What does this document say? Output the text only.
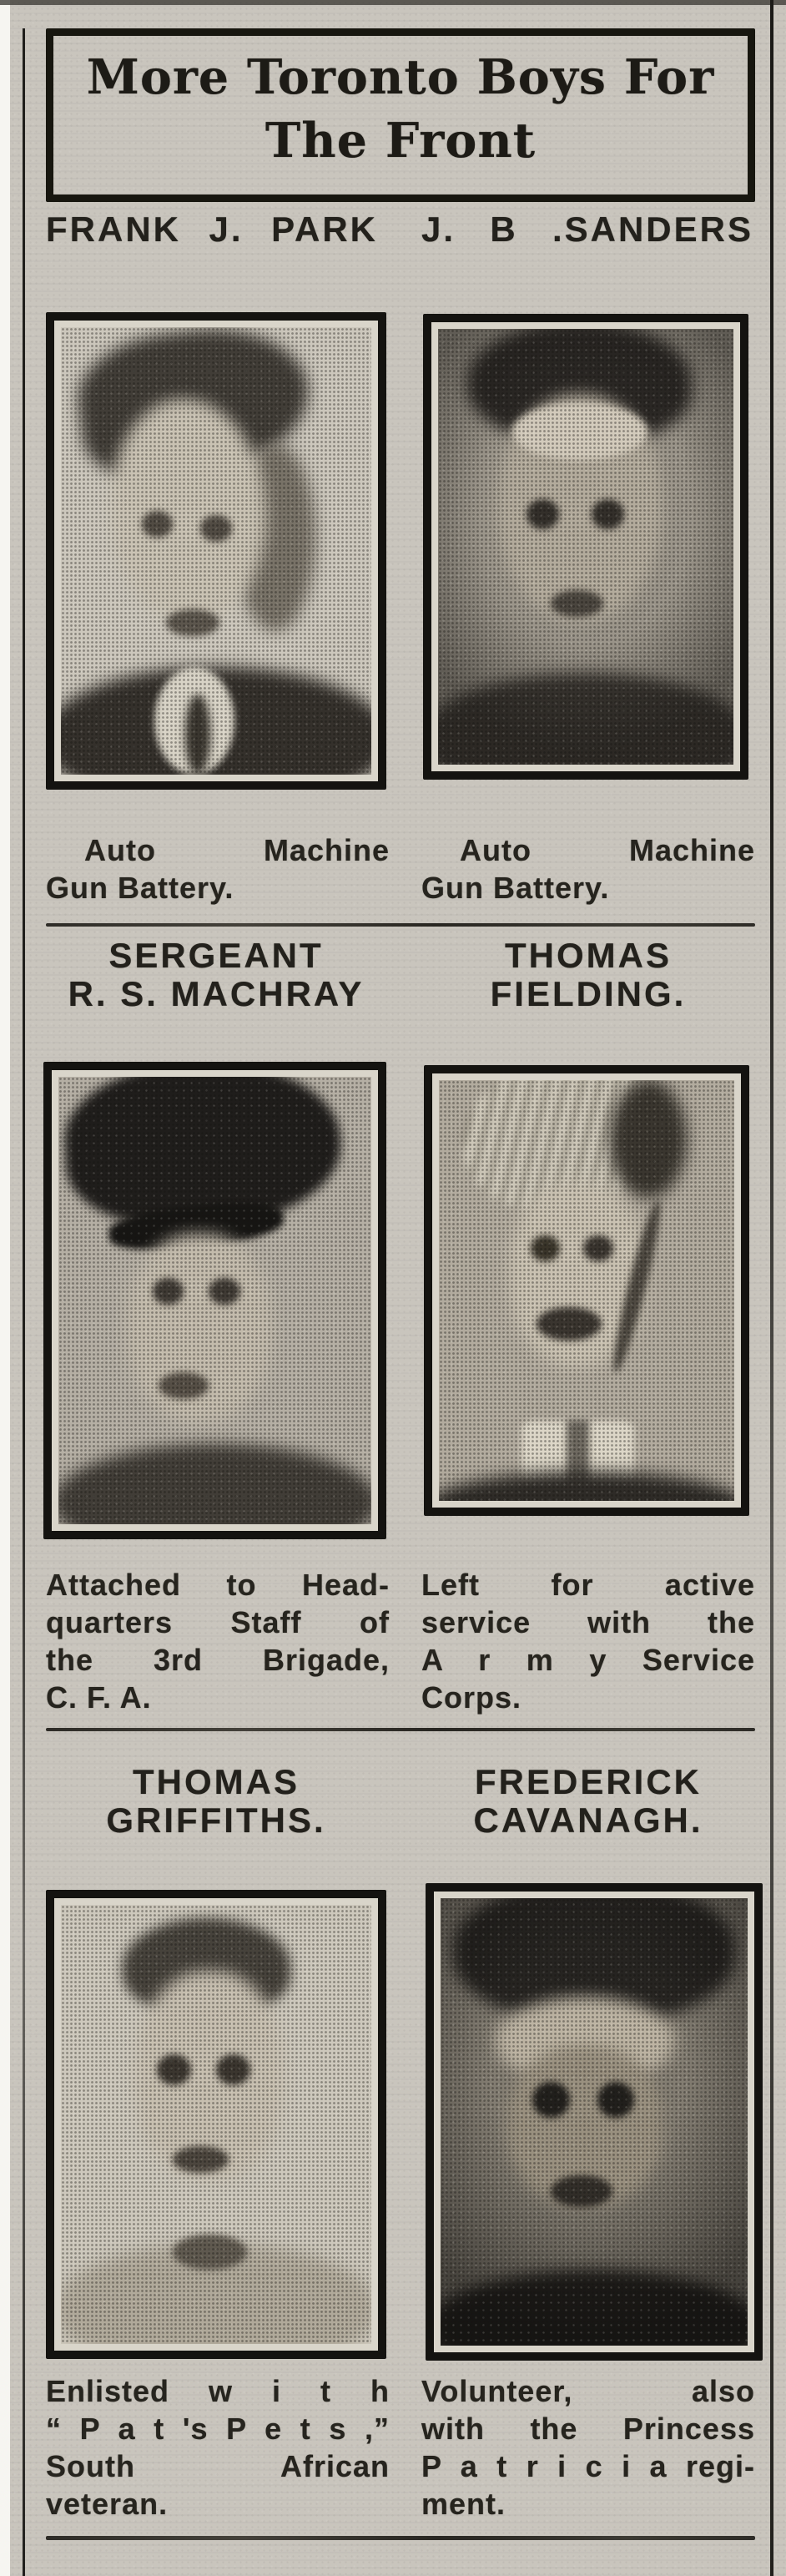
More Toronto Boys For
The Front
FRANK J. PARK J. B .SANDERS
Auto Machine
Gun Battery.
Auto Machine
Gun Battery.
SERGEANT
R. S. MACHRAY
THOMAS
FIELDING.
Attached to Head-
quarters Staff of
the 3rd Brigade,
C. F. A.
Left for active
service with the
A r m y Service
Corps.
THOMAS
GRIFFITHS.
FREDERICK
CAVANAGH.
Enlisted w i t h
“ P a t 's P e t s ,”
South African
veteran.
Volunteer, also
with the Princess
P a t r i c i a regi-
ment.
